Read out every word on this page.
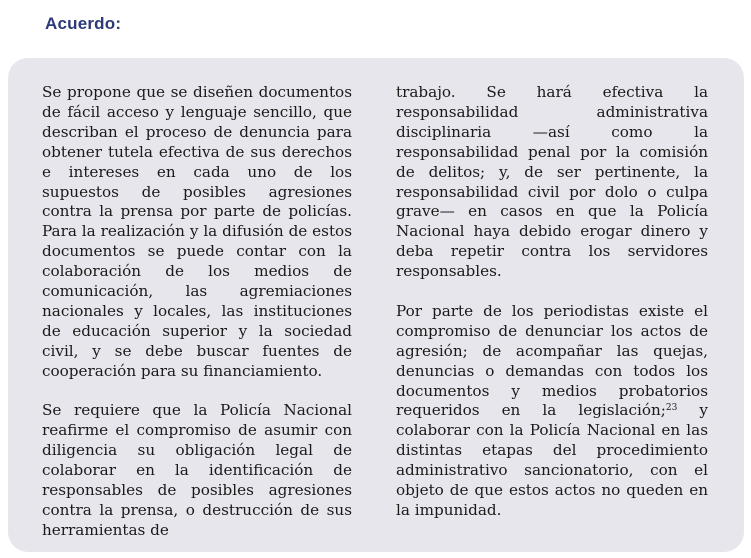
Acuerdo:

Se propone que se diseñen documentos de fácil acceso y lenguaje sencillo, que describan el proceso de denuncia para obtener tutela efectiva de sus derechos e intereses en cada uno de los supuestos de posibles agresiones contra la prensa por parte de policías. Para la realización y la difusión de estos documentos se puede contar con la colaboración de los medios de comunicación, las agremiaciones nacionales y locales, las instituciones de educación superior y la sociedad civil, y se debe buscar fuentes de cooperación para su financiamiento.

Se requiere que la Policía Nacional reafirme el compromiso de asumir con diligencia su obligación legal de colaborar en la identificación de responsables de posibles agresiones contra la prensa, o destrucción de sus herramientas de

trabajo. Se hará efectiva la responsabilidad administrativa disciplinaria —así como la responsabilidad penal por la comisión de delitos; y, de ser pertinente, la responsabilidad civil por dolo o culpa grave— en casos en que la Policía Nacional haya debido erogar dinero y deba repetir contra los servidores responsables.

Por parte de los periodistas existe el compromiso de denunciar los actos de agresión; de acompañar las quejas, denuncias o demandas con todos los documentos y medios probatorios requeridos en la legislación;$^{23}$ y colaborar con la Policía Nacional en las distintas etapas del procedimiento administrativo sancionatorio, con el objeto de que estos actos no queden en la impunidad.
